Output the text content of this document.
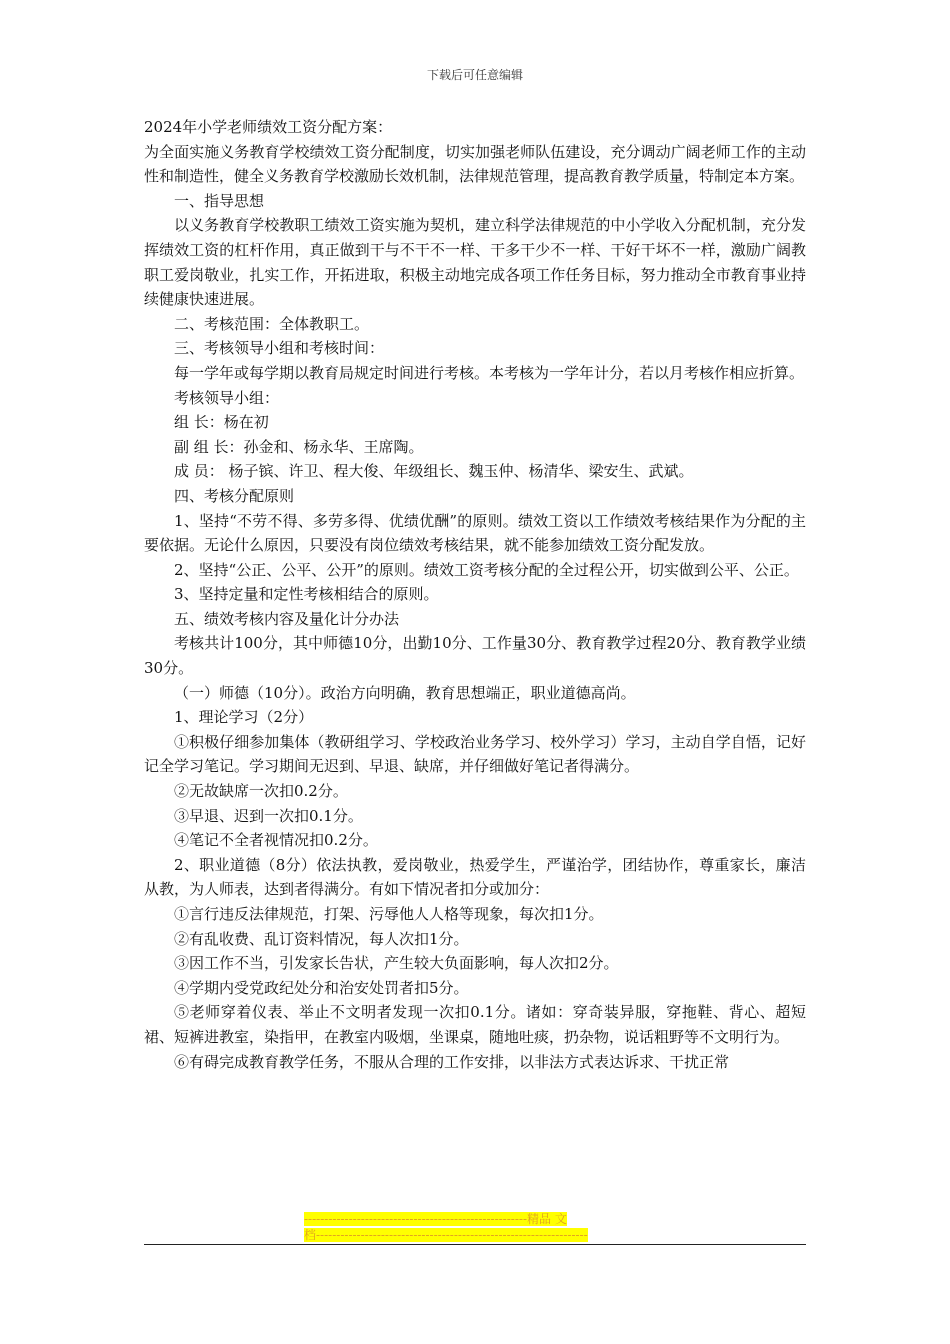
下载后可任意编辑

2024年小学老师绩效工资分配方案：

为全面实施义务教育学校绩效工资分配制度，切实加强老师队伍建设，充分调动广阔老师工作的主动性和制造性，健全义务教育学校激励长效机制，法律规范管理，提高教育教学质量，特制定本方案。

一、指导思想

以义务教育学校教职工绩效工资实施为契机，建立科学法律规范的中小学收入分配机制，充分发挥绩效工资的杠杆作用，真正做到干与不干不一样、干多干少不一样、干好干坏不一样，激励广阔教职工爱岗敬业，扎实工作，开拓进取，积极主动地完成各项工作任务目标，努力推动全市教育事业持续健康快速进展。

二、考核范围：全体教职工。

三、考核领导小组和考核时间：

每一学年或每学期以教育局规定时间进行考核。本考核为一学年计分，若以月考核作相应折算。

考核领导小组：

组 长：杨在初

副 组 长：孙金和、杨永华、王席陶。

成 员： 杨子镔、许卫、程大俊、年级组长、魏玉仲、杨清华、梁安生、武斌。

四、考核分配原则

1、坚持“不劳不得、多劳多得、优绩优酬”的原则。绩效工资以工作绩效考核结果作为分配的主要依据。无论什么原因，只要没有岗位绩效考核结果，就不能参加绩效工资分配发放。

2、坚持“公正、公平、公开”的原则。绩效工资考核分配的全过程公开，切实做到公平、公正。

3、坚持定量和定性考核相结合的原则。

五、绩效考核内容及量化计分办法

考核共计100分，其中师德10分，出勤10分、工作量30分、教育教学过程20分、教育教学业绩30分。

（一）师德（10分）。政治方向明确，教育思想端正，职业道德高尚。

1、理论学习（2分）

①积极仔细参加集体（教研组学习、学校政治业务学习、校外学习）学习，主动自学自悟，记好记全学习笔记。学习期间无迟到、早退、缺席，并仔细做好笔记者得满分。

②无故缺席一次扣0.2分。

③早退、迟到一次扣0.1分。

④笔记不全者视情况扣0.2分。

2、职业道德（8分）依法执教，爱岗敬业，热爱学生，严谨治学，团结协作，尊重家长，廉洁从教，为人师表，达到者得满分。有如下情况者扣分或加分：

①言行违反法律规范，打架、污辱他人人格等现象，每次扣1分。

②有乱收费、乱订资料情况，每人次扣1分。

③因工作不当，引发家长告状，产生较大负面影响，每人次扣2分。

④学期内受党政纪处分和治安处罚者扣5分。

⑤老师穿着仪表、举止不文明者发现一次扣0.1分。诸如：穿奇装异服，穿拖鞋、背心、超短裙、短裤进教室，染指甲，在教室内吸烟，坐课桌，随地吐痰，扔杂物，说话粗野等不文明行为。

⑥有碍完成教育教学任务，不服从合理的工作安排，以非法方式表达诉求、干扰正常

-------------------------------------------------------精品 文
档-------------------------------------------------------------------
